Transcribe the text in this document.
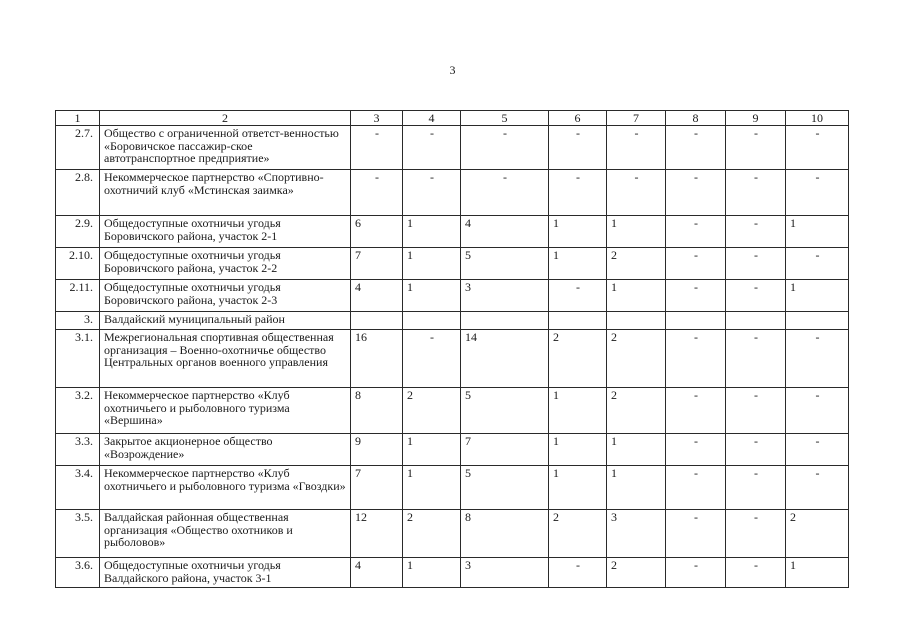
3
1	2	3	4	5	6	7	8	9	10
2.7.	Общество с ограниченной ответст-венностью «Боровичское пассажир-ское автотранспортное предприятие»	-	-	-	-	-	-	-	-
2.8.	Некоммерческое партнерство «Спортивно-охотничий клуб «Мстинская заимка»	-	-	-	-	-	-	-	-
2.9.	Общедоступные охотничьи угодья Боровичского района, участок 2-1	6	1	4	1	1	-	-	1
2.10.	Общедоступные охотничьи угодья Боровичского района, участок 2-2	7	1	5	1	2	-	-	-
2.11.	Общедоступные охотничьи угодья Боровичского района, участок 2-3	4	1	3	-	1	-	-	1
3.	Валдайский муниципальный район								
3.1.	Межрегиональная спортивная общественная организация – Военно-охотничье общество Центральных органов военного управления	16	-	14	2	2	-	-	-
3.2.	Некоммерческое партнерство «Клуб охотничьего и рыболовного туризма «Вершина»	8	2	5	1	2	-	-	-
3.3.	Закрытое акционерное общество «Возрождение»	9	1	7	1	1	-	-	-
3.4.	Некоммерческое партнерство «Клуб охотничьего и рыболовного туризма «Гвоздки»	7	1	5	1	1	-	-	-
3.5.	Валдайская районная общественная организация «Общество охотников и рыболовов»	12	2	8	2	3	-	-	2
3.6.	Общедоступные охотничьи угодья Валдайского района, участок 3-1	4	1	3	-	2	-	-	1
